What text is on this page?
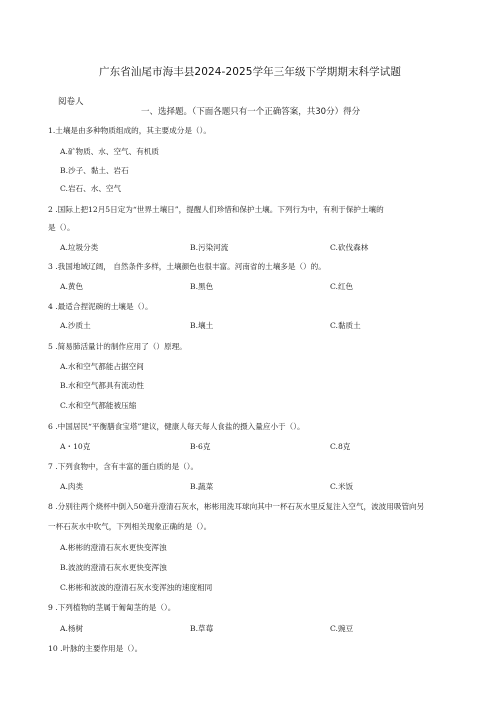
广东省汕尾市海丰县2024-2025学年三年级下学期期末科学试题
阅卷人
一、选择题。（下面各题只有一个正确答案，共30分）得分
1.土壤是由多种物质组成的，其主要成分是（）。
A.矿物质、水、空气、有机质
B.沙子、黏土、岩石
C.岩石、水、空气
2 .国际上把12月5日定为“世界土壤日”，提醒人们珍惜和保护土壤。下列行为中，有利于保护土壤的
是（）。
A.垃圾分类	B.污染河流	C.砍伐森林
3 .我国地域辽阔， 自然条件多样，土壤颜色也很丰富。河南省的土壤多是（）的。
A.黄色	B.黑色	C.红色
4 .最适合捏泥碗的土壤是（）。
A.沙质土	B.壤土	C.黏质土
5 .简易肺活量计的制作应用了（）原理。
A.水和空气都能占据空间
B.水和空气都具有流动性
C.水和空气都能被压缩
6 .中国居民“平衡膳食宝塔”建议，健康人每天每人食盐的摄入量应小于（）。
A・10克	B·6克	C.8克
7 .下列食物中，含有丰富的蛋白质的是（）。
A.肉类	B.蔬菜	C.米饭
8 .分别往两个烧杯中倒入50毫升澄清石灰水，彬彬用洗耳球向其中一杯石灰水里反复注入空气，波波用吸管向另
一杯石灰水中吹气，下列相关现象正确的是（）。
A.彬彬的澄清石灰水更快变浑浊
B.波波的澄清石灰水更快变浑浊
C.彬彬和波波的澄清石灰水变浑浊的速度相同
9 .下列植物的茎属于匍匐茎的是（）。
A.杨树	B.草莓	C.豌豆
10 .叶脉的主要作用是（）。
